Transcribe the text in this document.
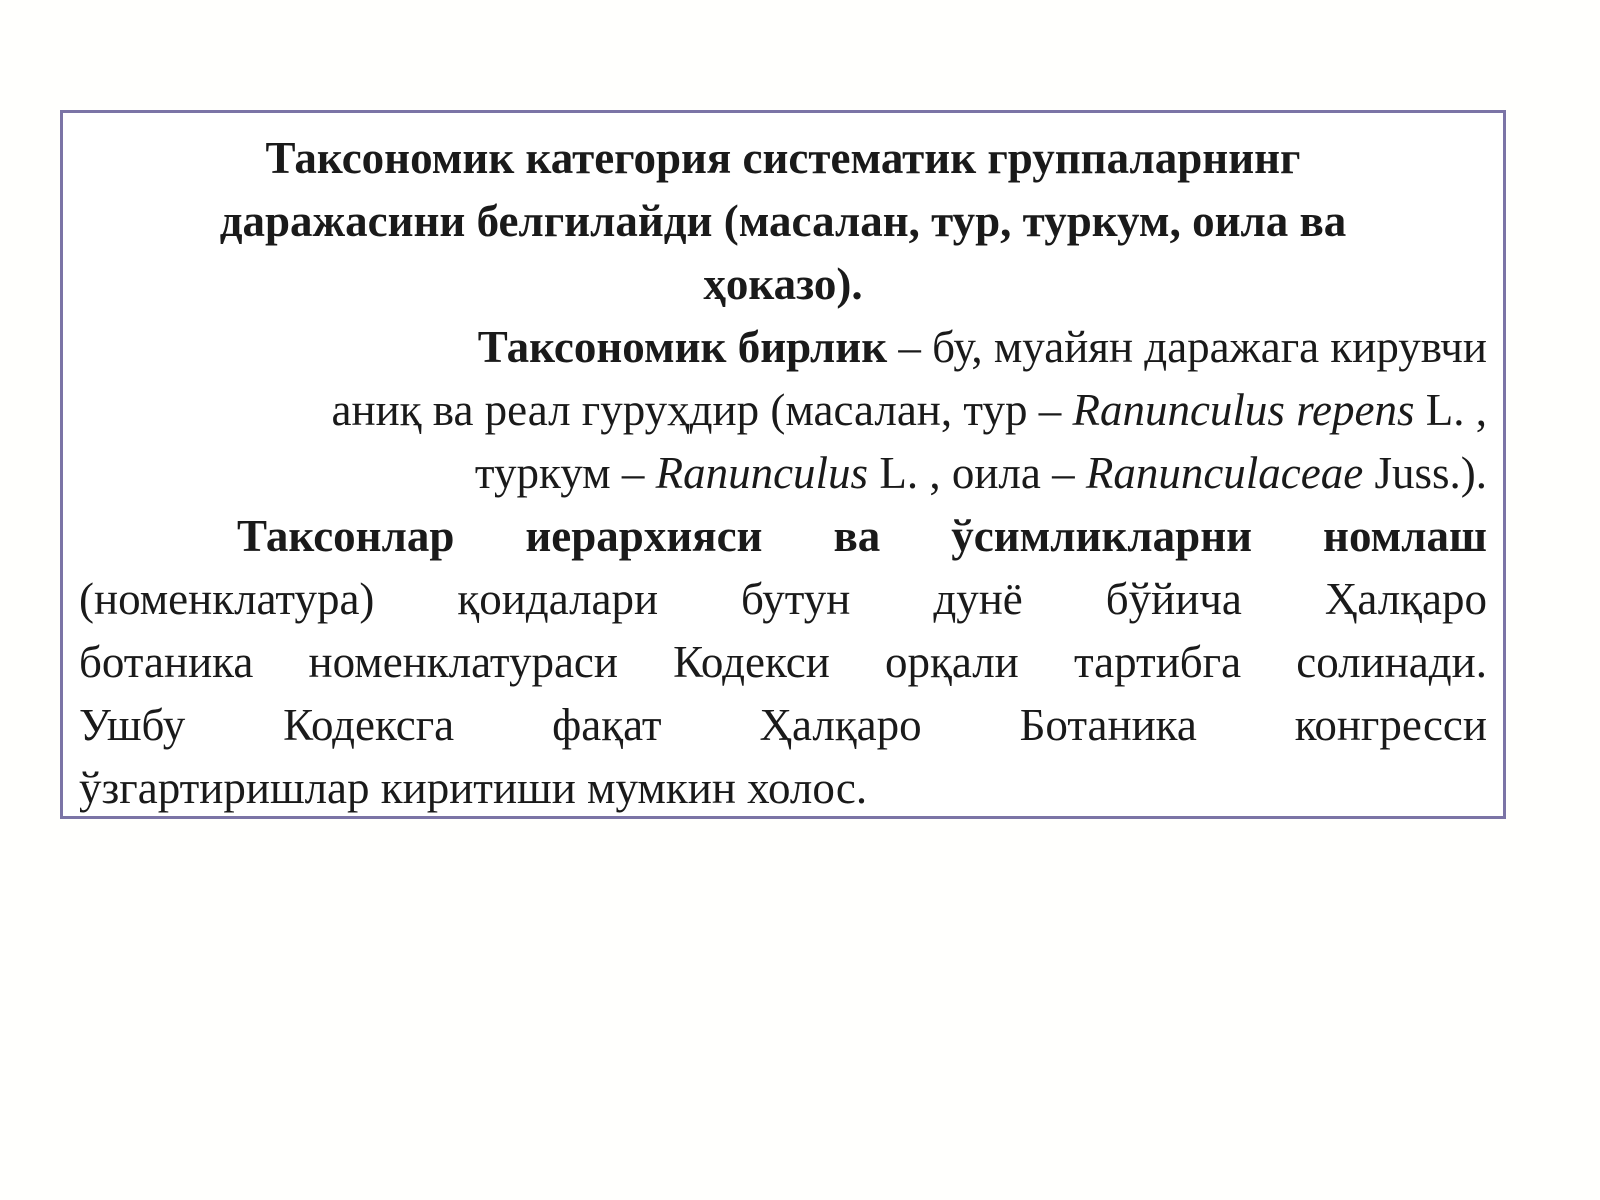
Таксономик категория систематик группаларнинг
даражасини белгилайди (масалан, тур, туркум, оила ва
ҳоказо).

Таксономик бирлик – бу, муайян даражага кирувчи
аниқ ва реал гуруҳдир (масалан, тур – Ranunculus repens L. ,
туркум – Ranunculus L. , оила – Ranunculaceae Juss.).

Таксонлар иерархияси ва ўсимликларни номлаш
(номенклатура) қоидалари бутун дунё бўйича Ҳалқаро
ботаника номенклатураси Кодекси орқали тартибга солинади.
Ушбу Кодексга фақат Ҳалқаро Ботаника конгресси
ўзгартиришлар киритиши мумкин холос.
